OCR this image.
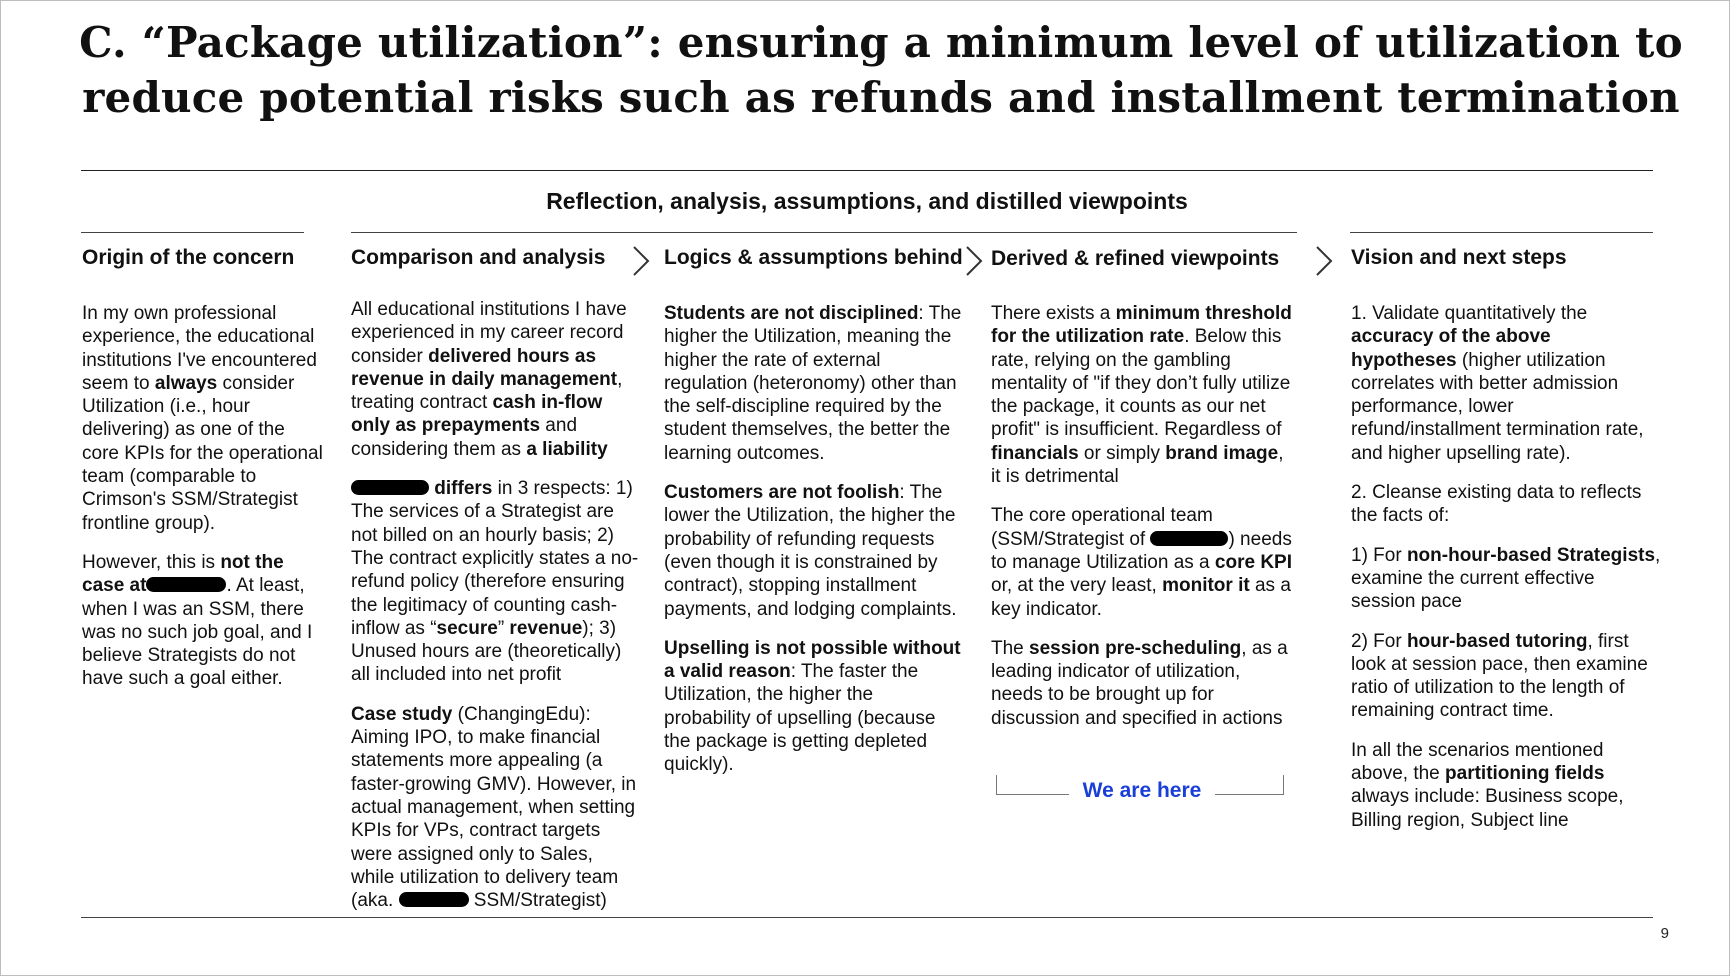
C. “Package utilization”: ensuring a minimum level of utilization to reduce potential risks such as refunds and installment termination
Reflection, analysis, assumptions, and distilled viewpoints
Origin of the concern	Comparison and analysis	Logics & assumptions behind Derived & refined viewpoints	Vision and next steps

In my own professional experience, the educational institutions I've encountered seem to always consider Utilization (i.e., hour delivering) as one of the core KPIs for the operational team (comparable to Crimson's SSM/Strategist frontline group).

However, this is not the case at	. At least, when I was an SSM, there was no such job goal, and I believe Strategists do not have such a goal either.

All educational institutions I have experienced in my career record consider delivered hours as revenue in daily management, treating contract cash in-flow only as prepayments and considering them as a liability

differs in 3 respects: 1) The services of a Strategist are not billed on an hourly basis; 2) The contract explicitly states a no-refund policy (therefore ensuring the legitimacy of counting cash-inflow as “secure” revenue); 3) Unused hours are (theoretically) all included into net profit

Case study (ChangingEdu): Aiming IPO, to make financial statements more appealing (a faster-growing GMV). However, in actual management, when setting KPIs for VPs, contract targets were assigned only to Sales, while utilization to delivery team (aka.	SSM/Strategist)

Students are not disciplined: The higher the Utilization, meaning the higher the rate of external regulation (heteronomy) other than the self-discipline required by the student themselves, the better the learning outcomes.

Customers are not foolish: The lower the Utilization, the higher the probability of refunding requests (even though it is constrained by contract), stopping installment payments, and lodging complaints.

Upselling is not possible without a valid reason: The faster the Utilization, the higher the probability of upselling (because the package is getting depleted quickly).

There exists a minimum threshold for the utilization rate. Below this rate, relying on the gambling mentality of "if they don’t fully utilize the package, it counts as our net profit" is insufficient. Regardless of financials or simply brand image, it is detrimental

The core operational team (SSM/Strategist of	) needs to manage Utilization as a core KPI or, at the very least, monitor it as a key indicator.

The session pre-scheduling, as a leading indicator of utilization, needs to be brought up for discussion and specified in actions

1. Validate quantitatively the accuracy of the above hypotheses (higher utilization correlates with better admission performance, lower refund/installment termination rate, and higher upselling rate).

2. Cleanse existing data to reflects the facts of:

1) For non-hour-based Strategists, examine the current effective session pace

2) For hour-based tutoring, first look at session pace, then examine ratio of utilization to the length of remaining contract time.

In all the scenarios mentioned above, the partitioning fields always include: Business scope, Billing region, Subject line

We are here
9
